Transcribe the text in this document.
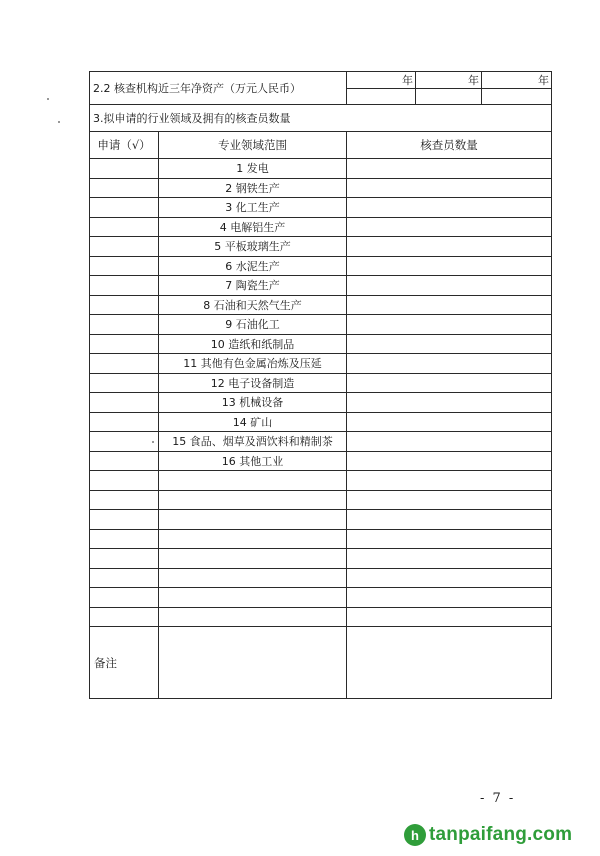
2.2 核查机构近三年净资产（万元人民币）		年	年	年

3.拟申请的行业领域及拥有的核查员数量				
申请（√）	专业领域范围	核查员数量		
	1 发电			
	2 钢铁生产			
	3 化工生产			
	4 电解铝生产			
	5 平板玻璃生产			
	6 水泥生产			
	7 陶瓷生产			
	8 石油和天然气生产			
	9 石油化工			
	10 造纸和纸制品			
	11 其他有色金属冶炼及压延			
	12 电子设备制造			
	13 机械设备			
	14 矿山			
	15 食品、烟草及酒饮料和精制茶			
	16 其他工业			

备注				
- 7 -
h tanpaifang.com
